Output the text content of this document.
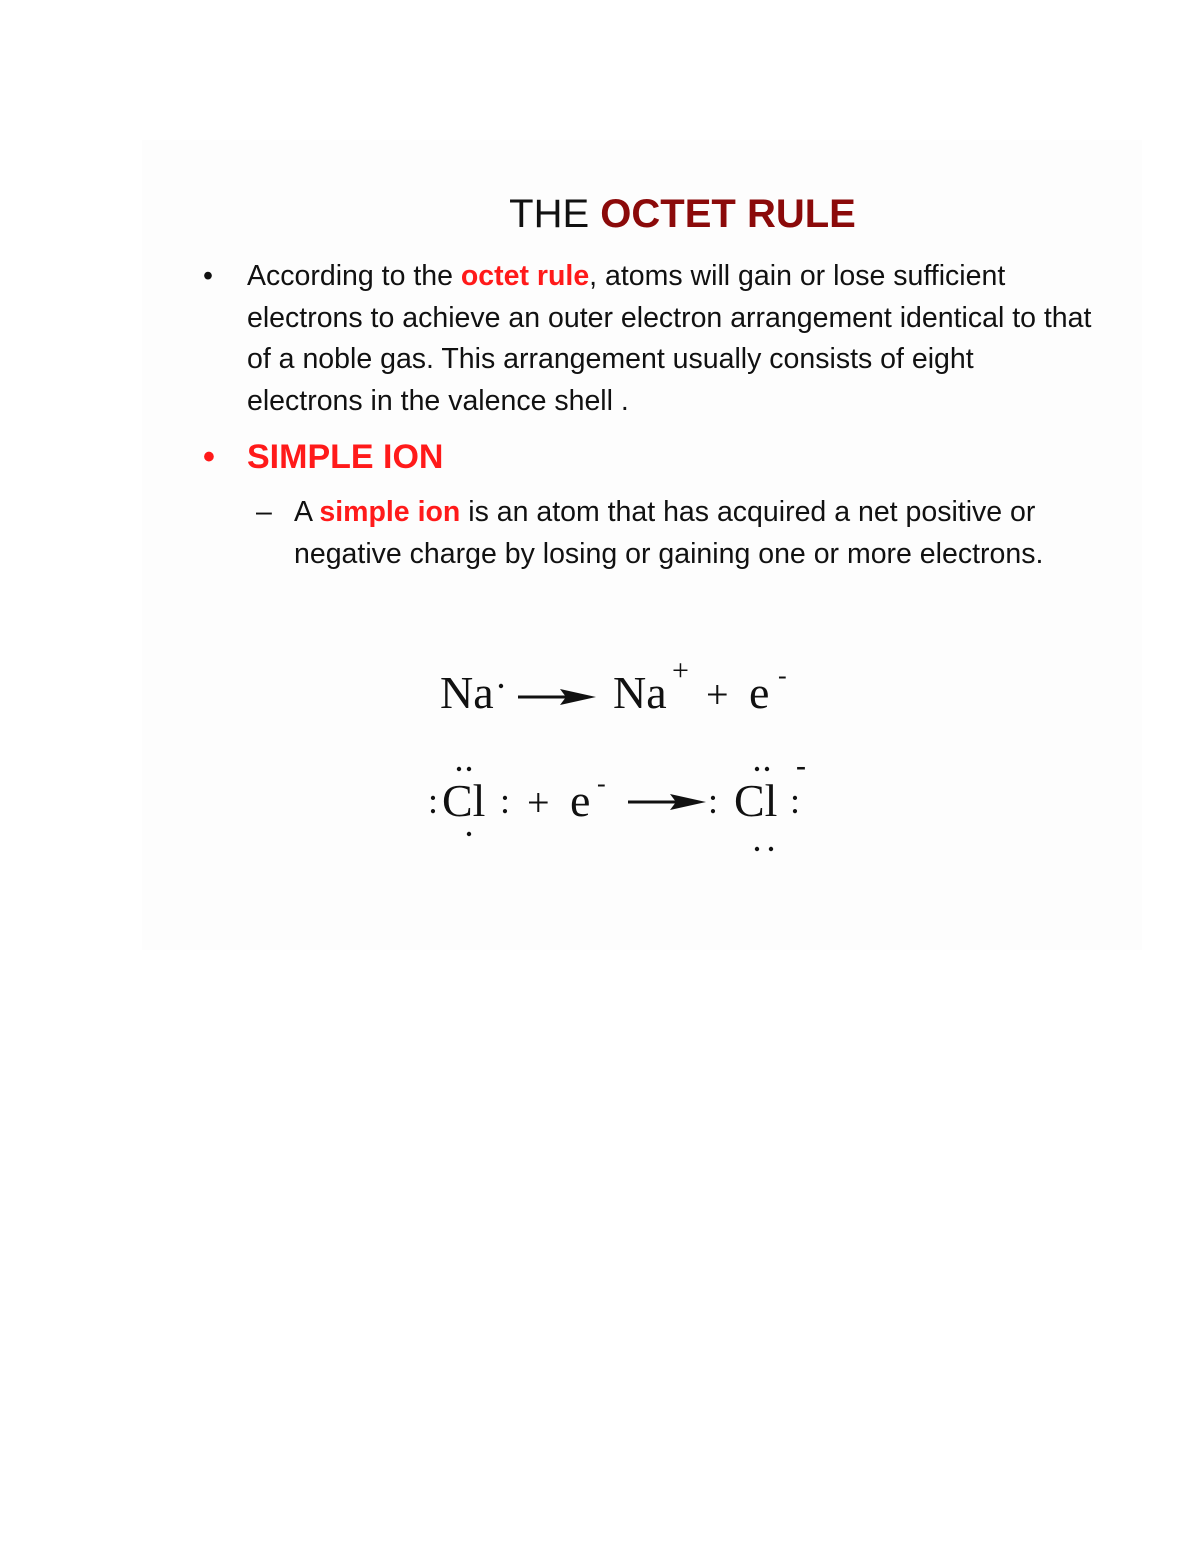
THE OCTET RULE
• According to the octet rule, atoms will gain or lose sufficient electrons to achieve an outer electron arrangement identical to that of a noble gas. This arrangement usually consists of eight electrons in the valence shell .
• SIMPLE ION
– A simple ion is an atom that has acquired a net positive or negative charge by losing or gaining one or more electrons.
Na	Na +
+ e -
: Cl : + e -	: Cl :
-
